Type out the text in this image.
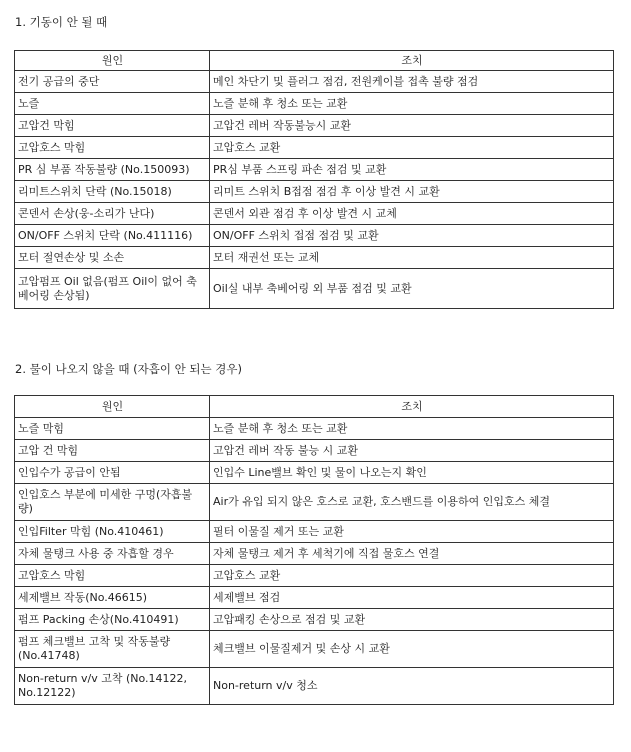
1. 기동이 안 될 때
원인	조치
전기 공급의 중단	메인 차단기 및 플러그 점검, 전원케이블 접촉 불량 점검
노즐	노즐 분해 후 청소 또는 교환
고압건 막힘	고압건 레버 작동불능시 교환
고압호스 막힘	고압호스 교환
PR 심 부품 작동불량 (No.150093)	PR심 부품 스프링 파손 점검 및 교환
리미트스위치 단락 (No.15018)	리미트 스위치 B접점 점검 후 이상 발견 시 교환
콘덴서 손상(웅-소리가 난다)	콘덴서 외관 점검 후 이상 발견 시 교체
ON/OFF 스위치 단락 (No.411116)	ON/OFF 스위치 접점 점검 및 교환
모터 절연손상 및 소손	모터 재권선 또는 교체
고압펌프 Oil 없음(펌프 Oil이 없어 축베어링 손상됨)	Oil실 내부 축베어링 외 부품 점검 및 교환
2. 물이 나오지 않을 때 (자흡이 안 되는 경우)
원인	조치
노즐 막힘	노즐 분해 후 청소 또는 교환
고압 건 막힘	고압건 레버 작동 불능 시 교환
인입수가 공급이 안됨	인입수 Line밸브 확인 및 물이 나오는지 확인
인입호스 부분에 미세한 구멍(자흡불량)	Air가 유입 되지 않은 호스로 교환, 호스밴드를 이용하여 인입호스 체결
인입Filter 막힘 (No.410461)	필터 이물질 제거 또는 교환
자체 물탱크 사용 중 자흡할 경우	자체 물탱크 제거 후 세척기에 직접 물호스 연결
고압호스 막힘	고압호스 교환
세제밸브 작동(No.46615)	세제밸브 점검
펌프 Packing 손상(No.410491)	고압패킹 손상으로 점검 및 교환
펌프 체크밸브 고착 및 작동불량 (No.41748)	체크밸브 이물질제거 및 손상 시 교환
Non-return v/v 고착 (No.14122, No.12122)	Non-return v/v 청소
